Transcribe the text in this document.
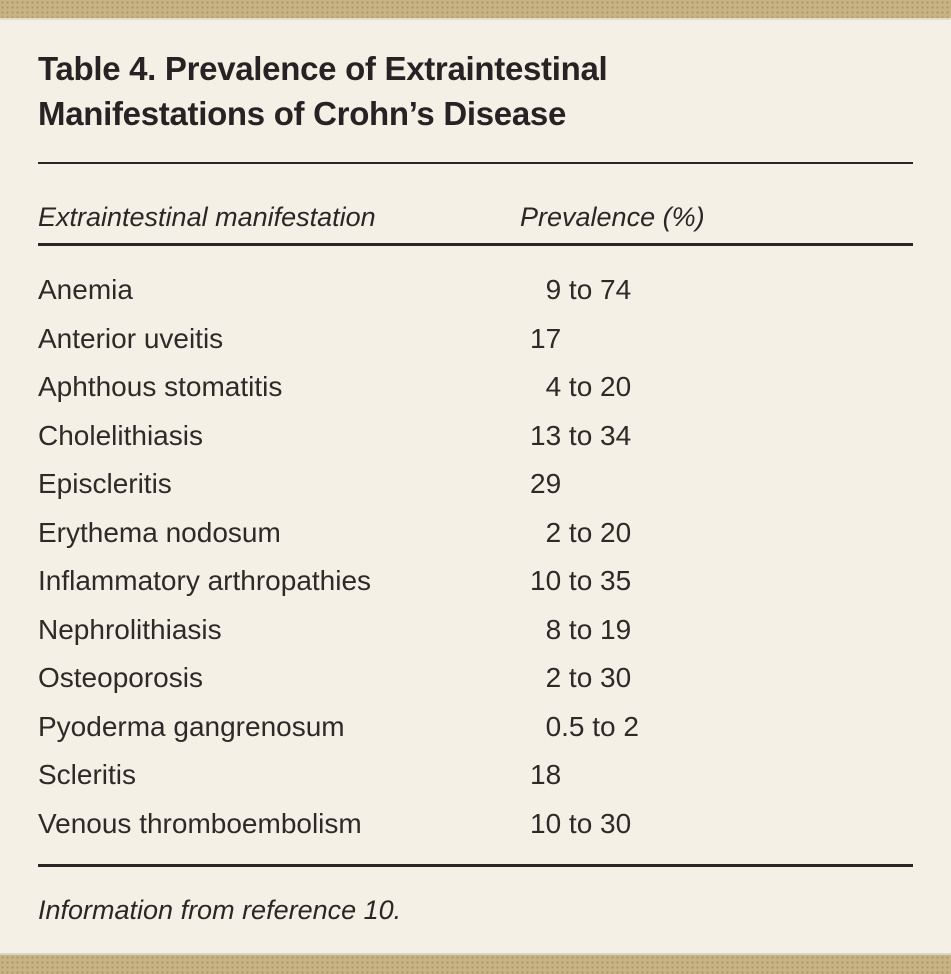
Table 4. Prevalence of Extraintestinal
Manifestations of Crohn’s Disease
Extraintestinal manifestation	Prevalence (%)
Anemia	 9 to 74
Anterior uveitis	17
Aphthous stomatitis	 4 to 20
Cholelithiasis	13 to 34
Episcleritis	29
Erythema nodosum	 2 to 20
Inflammatory arthropathies	10 to 35
Nephrolithiasis	 8 to 19
Osteoporosis	 2 to 30
Pyoderma gangrenosum	 0.5 to 2
Scleritis	18
Venous thromboembolism	10 to 30
Information from reference 10.
